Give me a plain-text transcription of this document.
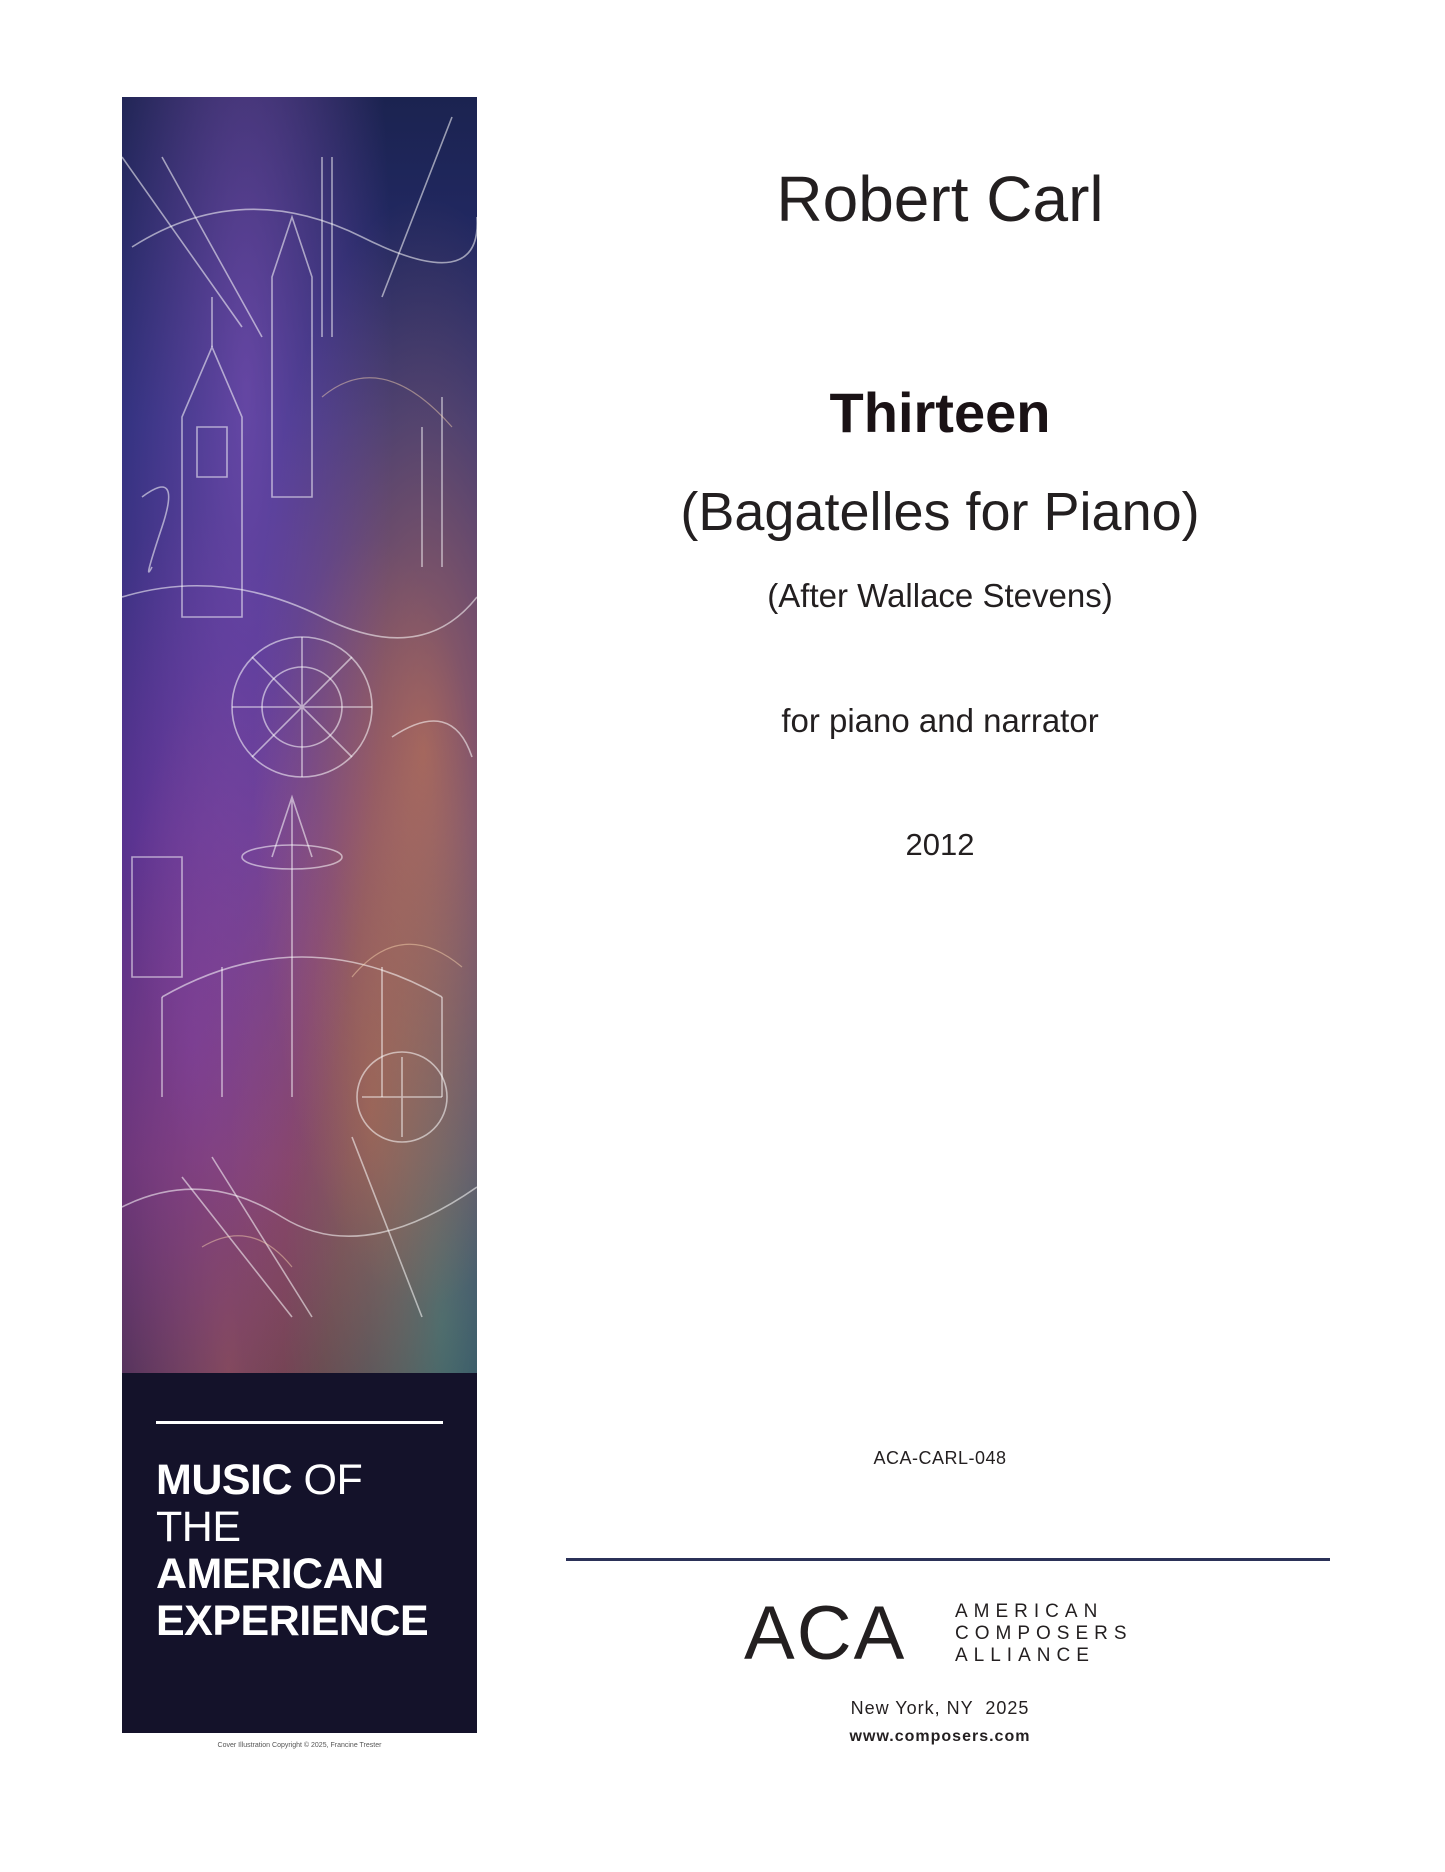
MUSIC OF THE
AMERICAN
EXPERIENCE
Cover Illustration Copyright © 2025, Francine Trester
Robert Carl
Thirteen
(Bagatelles for Piano)
(After Wallace Stevens)
for piano and narrator
2012
ACA-CARL-048
ACA	AMERICAN
COMPOSERS
ALLIANCE
New York, NY  2025
www.composers.com
